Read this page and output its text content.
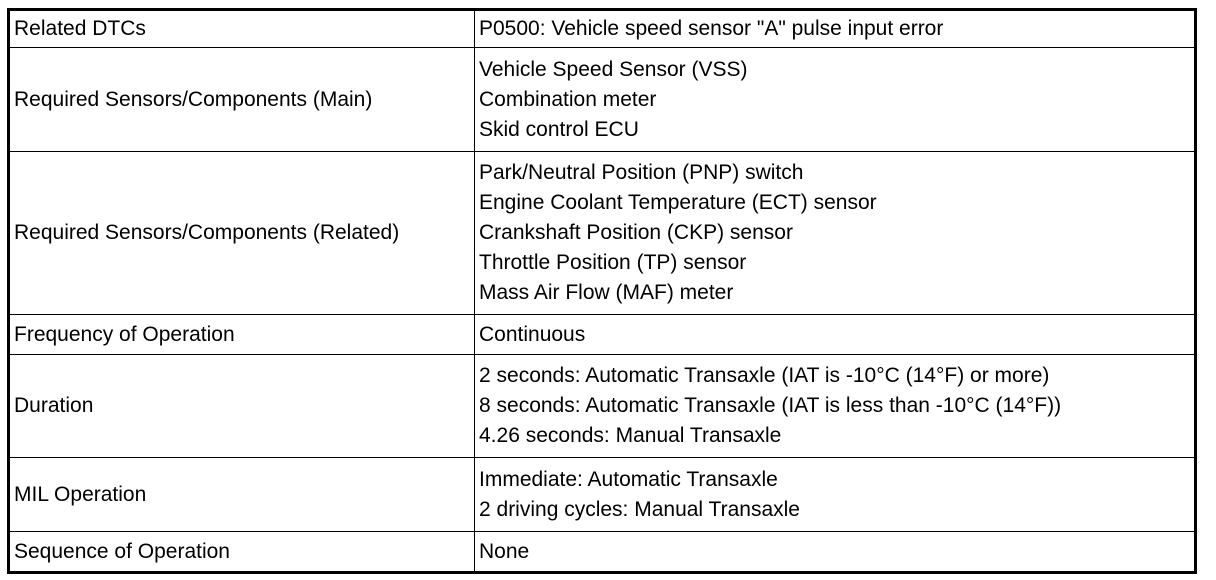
Related DTCs	P0500: Vehicle speed sensor "A" pulse input error

Required Sensors/Components (Main)	Vehicle Speed Sensor (VSS)
Combination meter
Skid control ECU

Required Sensors/Components (Related)	Park/Neutral Position (PNP) switch
Engine Coolant Temperature (ECT) sensor
Crankshaft Position (CKP) sensor
Throttle Position (TP) sensor
Mass Air Flow (MAF) meter

Frequency of Operation	Continuous

Duration	2 seconds: Automatic Transaxle (IAT is -10°C (14°F) or more)
8 seconds: Automatic Transaxle (IAT is less than -10°C (14°F))
4.26 seconds: Manual Transaxle

MIL Operation	Immediate: Automatic Transaxle
2 driving cycles: Manual Transaxle

Sequence of Operation	None
